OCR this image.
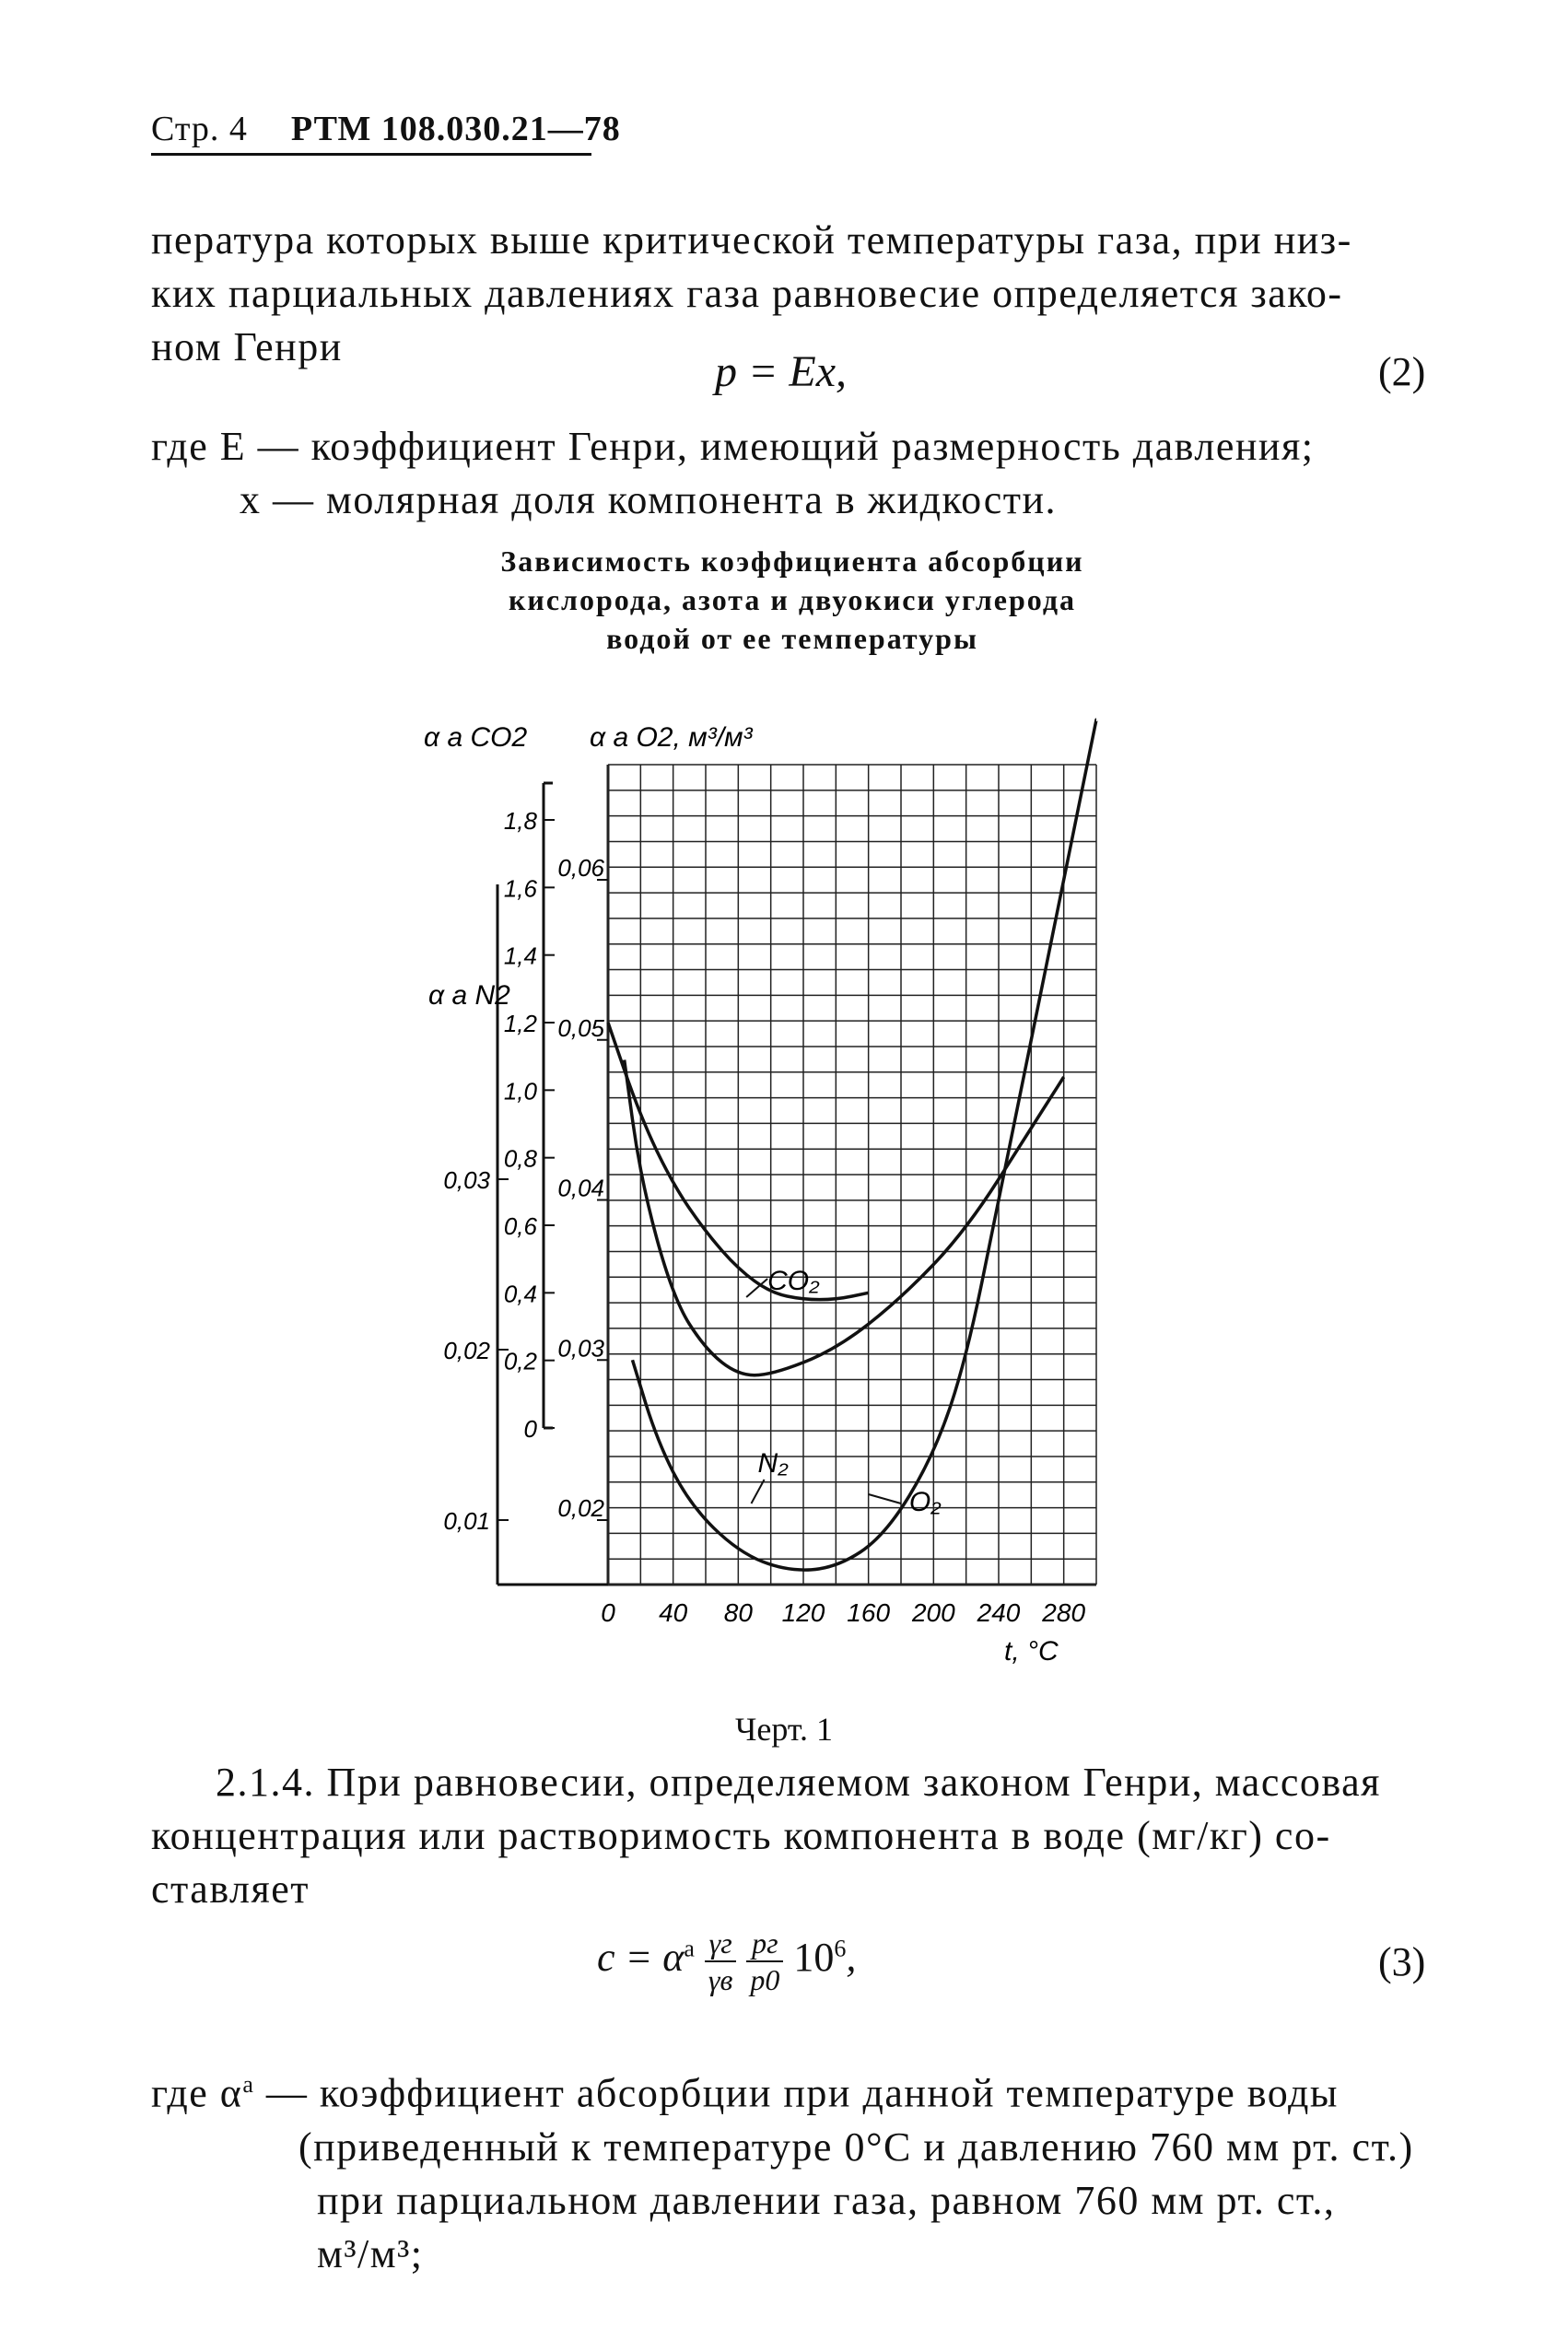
Стр. 4 РТМ 108.030.21—78
пература которых выше критической температуры газа, при низ-
ких парциальных давлениях газа равновесие определяется зако-
ном Генри
p = Ex,	(2)
где E — коэффициент Генри, имеющий размерность давления;
x — молярная доля компонента в жидкости.
Зависимость коэффициента абсорбции
кислорода, азота и двуокиси углерода
водой от ее температуры
0
0,2
0,4
0,6
0,8
1,0
1,2
1,4
1,6
1,8
0,02
0,03
0,04
0,05
0,06
0,01
0,02
0,03
α a CO2 α a O2, м³/м³
α a N2
0 40 80 120 160 200 240 280
t, °C
CO₂
N₂
O₂
Черт. 1
2.1.4. При равновесии, определяемом законом Генри, массовая
концентрация или растворимость компонента в воде (мг/кг) со-
ставляет
$c = \alpha^a \frac{\gamma г}{\gamma в}$
$\frac{pг}{p0} 10^6$,	(3)
где $\alpha^a$ — коэффициент абсорбции при данной температуре воды
(приведенный к температуре 0°С и давлению 760 мм рт. ст.)
при парциальном давлении газа, равном 760 мм рт. ст.,
м³/м³;
